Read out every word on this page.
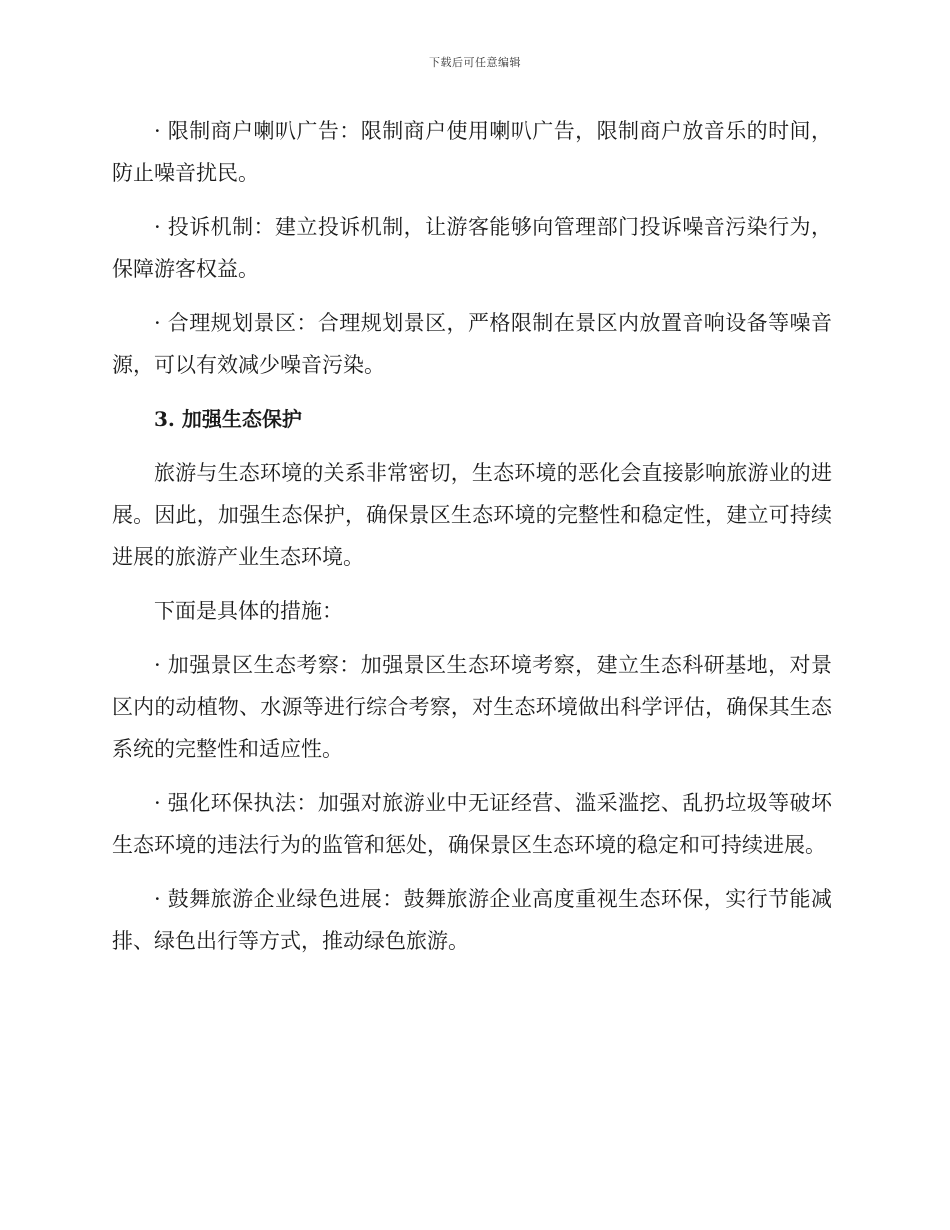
下载后可任意编辑

· 限制商户喇叭广告：限制商户使用喇叭广告，限制商户放音乐的时间，防止噪音扰民。

· 投诉机制：建立投诉机制，让游客能够向管理部门投诉噪音污染行为，保障游客权益。

· 合理规划景区：合理规划景区，严格限制在景区内放置音响设备等噪音源，可以有效减少噪音污染。

3. 加强生态保护

旅游与生态环境的关系非常密切，生态环境的恶化会直接影响旅游业的进展。因此，加强生态保护，确保景区生态环境的完整性和稳定性，建立可持续进展的旅游产业生态环境。

下面是具体的措施：

· 加强景区生态考察：加强景区生态环境考察，建立生态科研基地，对景区内的动植物、水源等进行综合考察，对生态环境做出科学评估，确保其生态系统的完整性和适应性。

· 强化环保执法：加强对旅游业中无证经营、滥采滥挖、乱扔垃圾等破坏生态环境的违法行为的监管和惩处，确保景区生态环境的稳定和可持续进展。

· 鼓舞旅游企业绿色进展：鼓舞旅游企业高度重视生态环保，实行节能减排、绿色出行等方式，推动绿色旅游。
